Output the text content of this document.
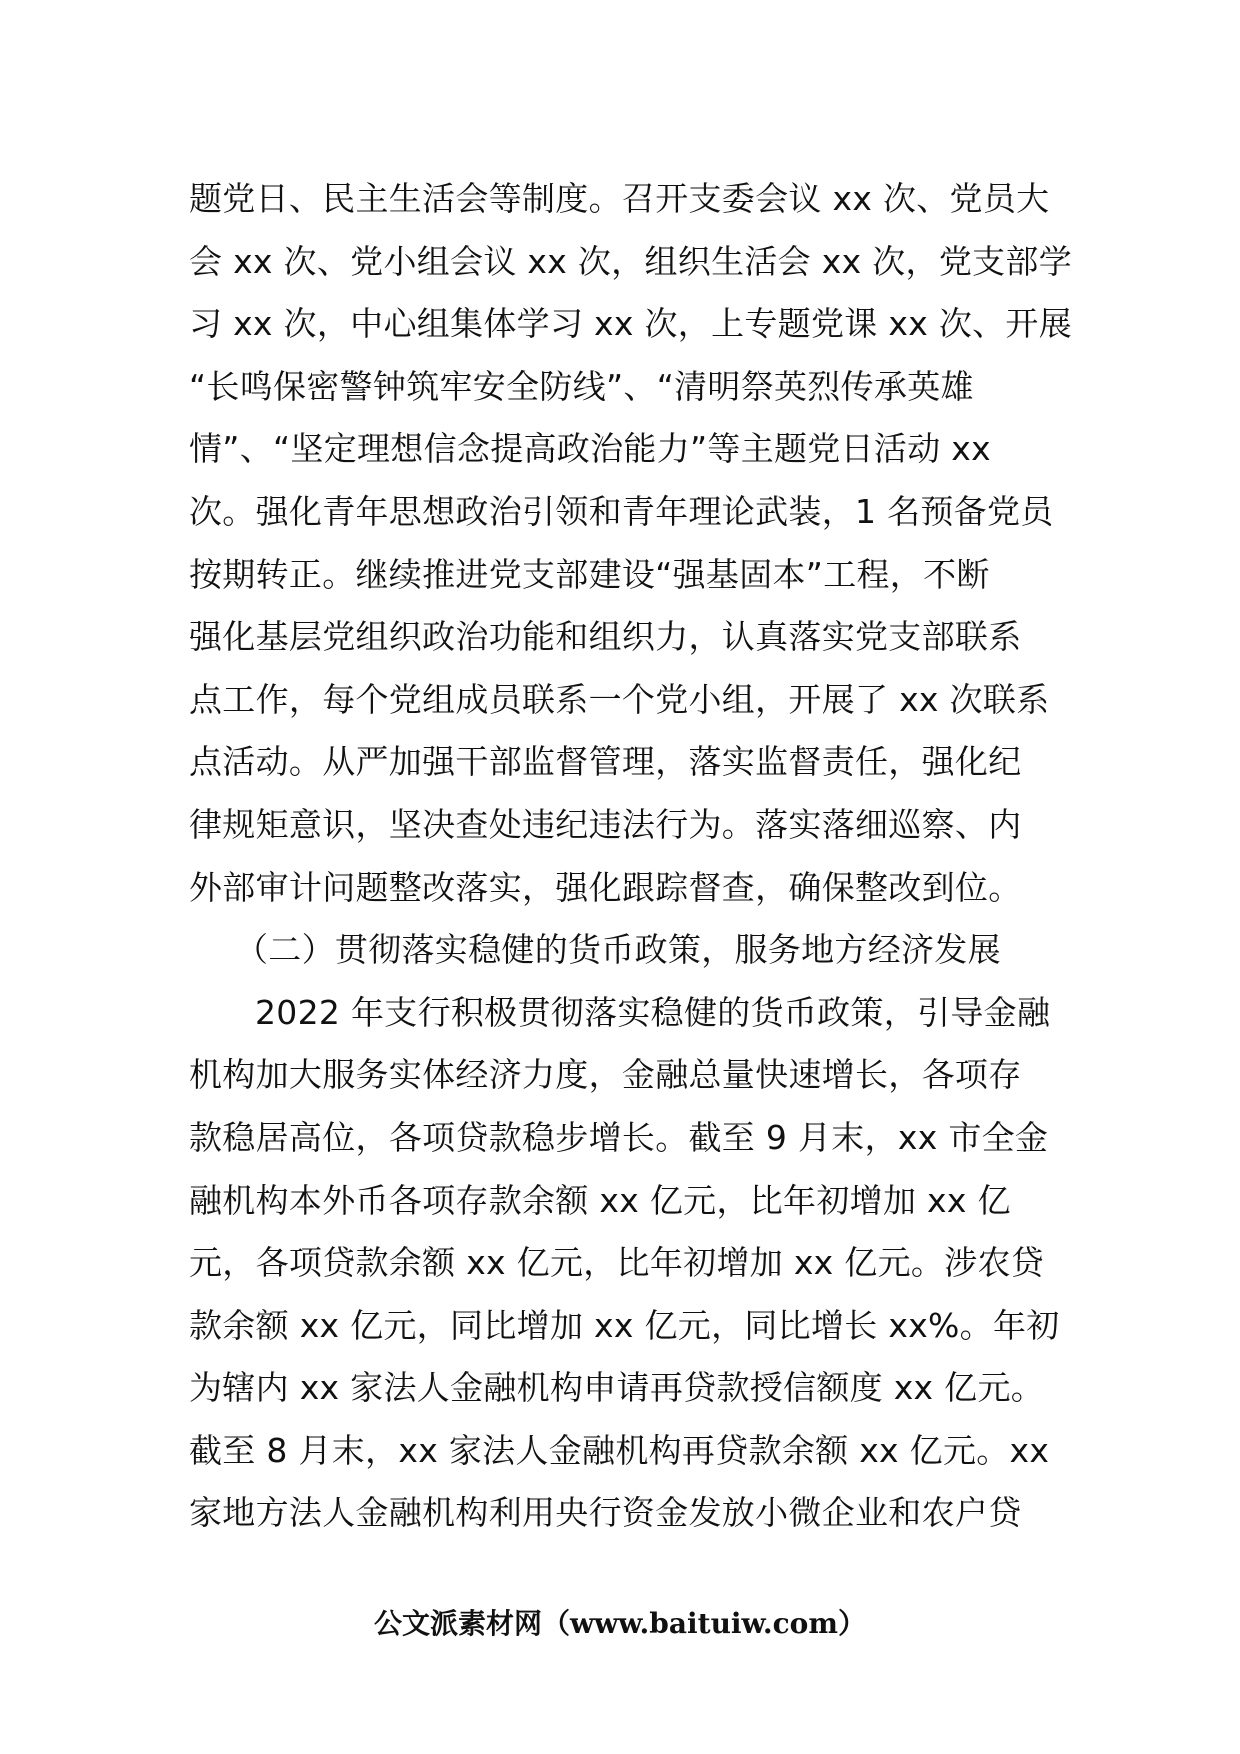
题党日、民主生活会等制度。召开支委会议 xx 次、党员大
会 xx 次、党小组会议 xx 次，组织生活会 xx 次，党支部学
习 xx 次，中心组集体学习 xx 次，上专题党课 xx 次、开展
“长鸣保密警钟筑牢安全防线”、“清明祭英烈传承英雄
情”、“坚定理想信念提高政治能力”等主题党日活动 xx
次。强化青年思想政治引领和青年理论武装，1 名预备党员
按期转正。继续推进党支部建设“强基固本”工程，不断
强化基层党组织政治功能和组织力，认真落实党支部联系
点工作，每个党组成员联系一个党小组，开展了 xx 次联系
点活动。从严加强干部监督管理，落实监督责任，强化纪
律规矩意识，坚决查处违纪违法行为。落实落细巡察、内
外部审计问题整改落实，强化跟踪督查，确保整改到位。
（二）贯彻落实稳健的货币政策，服务地方经济发展
2022 年支行积极贯彻落实稳健的货币政策，引导金融
机构加大服务实体经济力度，金融总量快速增长，各项存
款稳居高位，各项贷款稳步增长。截至 9 月末，xx 市全金
融机构本外币各项存款余额 xx 亿元，比年初增加 xx 亿
元，各项贷款余额 xx 亿元，比年初增加 xx 亿元。涉农贷
款余额 xx 亿元，同比增加 xx 亿元，同比增长 xx%。年初
为辖内 xx 家法人金融机构申请再贷款授信额度 xx 亿元。
截至 8 月末，xx 家法人金融机构再贷款余额 xx 亿元。xx
家地方法人金融机构利用央行资金发放小微企业和农户贷
公文派素材网（www.baituiw.com）
